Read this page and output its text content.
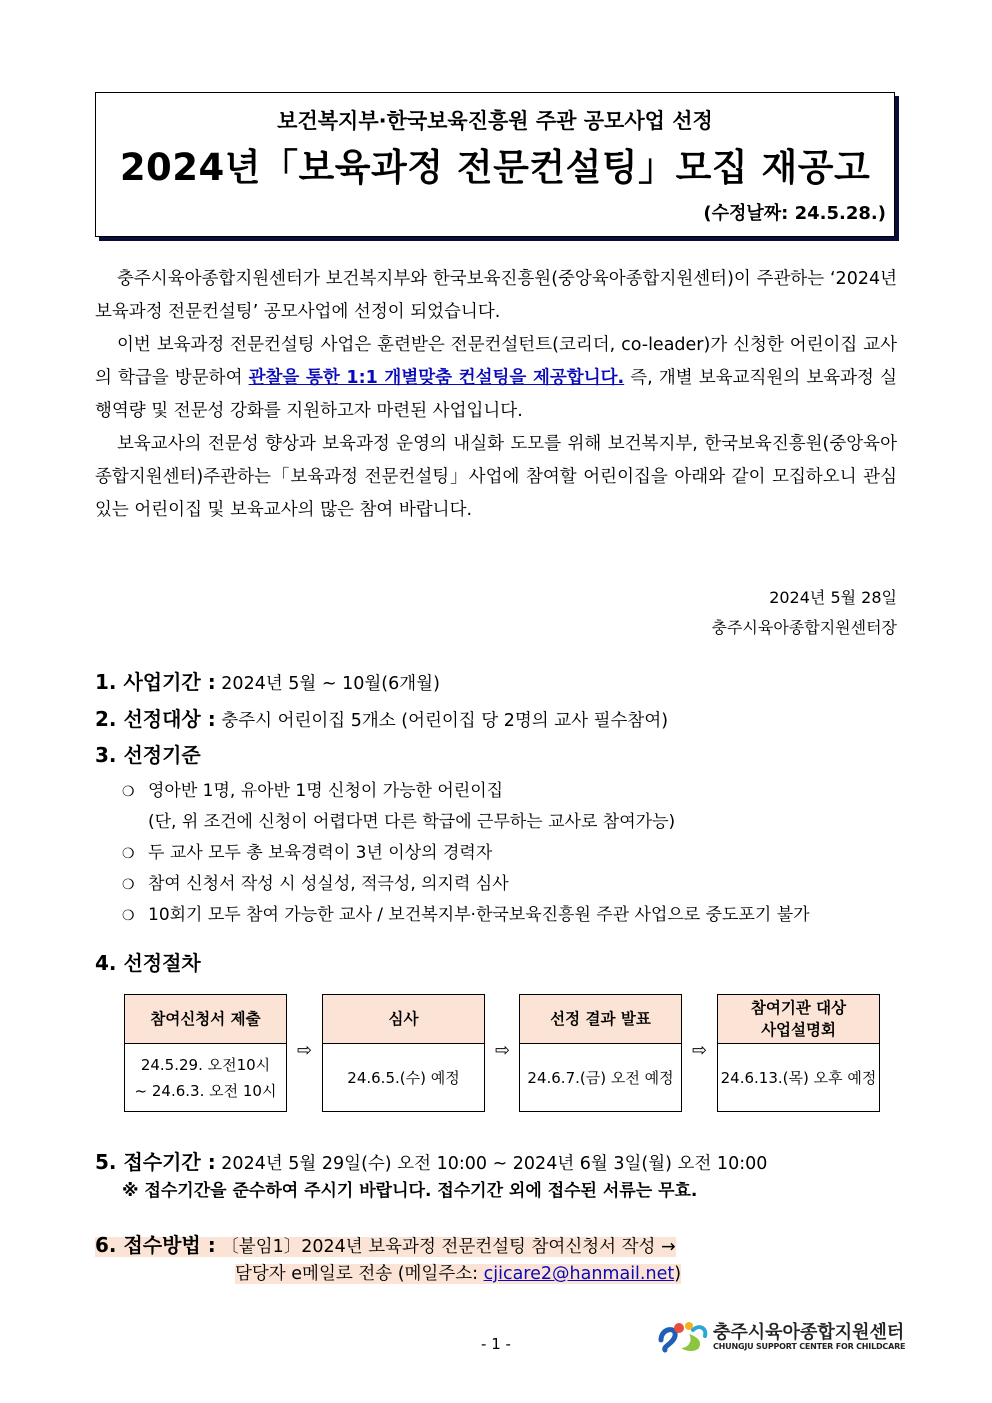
보건복지부·한국보육진흥원 주관 공모사업 선정
2024년「보육과정 전문컨설팅」모집 재공고
(수정날짜: 24.5.28.)

충주시육아종합지원센터가 보건복지부와 한국보육진흥원(중앙육아종합지원센터)이 주관하는 ‘2024년 보육과정 전문컨설팅’ 공모사업에 선정이 되었습니다.

이번 보육과정 전문컨설팅 사업은 훈련받은 전문컨설턴트(코리더, co-leader)가 신청한 어린이집 교사의 학급을 방문하여 관찰을 통한 1:1 개별맞춤 컨설팅을 제공합니다. 즉, 개별 보육교직원의 보육과정 실행역량 및 전문성 강화를 지원하고자 마련된 사업입니다.

보육교사의 전문성 향상과 보육과정 운영의 내실화 도모를 위해 보건복지부, 한국보육진흥원(중앙육아종합지원센터)주관하는「보육과정 전문컨설팅」사업에 참여할 어린이집을 아래와 같이 모집하오니 관심 있는 어린이집 및 보육교사의 많은 참여 바랍니다.

2024년 5월 28일
충주시육아종합지원센터장
1. 사업기간 : 2024년 5월 ~ 10월(6개월)
2. 선정대상 : 충주시 어린이집 5개소 (어린이집 당 2명의 교사 필수참여)
3. 선정기준
❍ 영아반 1명, 유아반 1명 신청이 가능한 어린이집
(단, 위 조건에 신청이 어렵다면 다른 학급에 근무하는 교사로 참여가능)
❍ 두 교사 모두 총 보육경력이 3년 이상의 경력자
❍ 참여 신청서 작성 시 성실성, 적극성, 의지력 심사
❍ 10회기 모두 참여 가능한 교사 / 보건복지부·한국보육진흥원 주관 사업으로 중도포기 불가
4. 선정절차
참여신청서 제출
24.5.29. 오전10시
~ 24.6.3. 오전 10시
⇨
심사
24.6.5.(수) 예정
⇨
선정 결과 발표
24.6.7.(금) 오전 예정
⇨
참여기관 대상
사업설명회
24.6.13.(목) 오후 예정
5. 접수기간 : 2024년 5월 29일(수) 오전 10:00 ~ 2024년 6월 3일(월) 오전 10:00
※ 접수기간을 준수하여 주시기 바랍니다. 접수기간 외에 접수된 서류는 무효.
6. 접수방법 : 〔붙임1〕2024년 보육과정 전문컨설팅 참여신청서 작성 →
담당자 e메일로 전송 (메일주소: cjicare2@hanmail.net)
- 1 -
충주시육아종합지원센터
CHUNGJU SUPPORT CENTER FOR CHILDCARE
